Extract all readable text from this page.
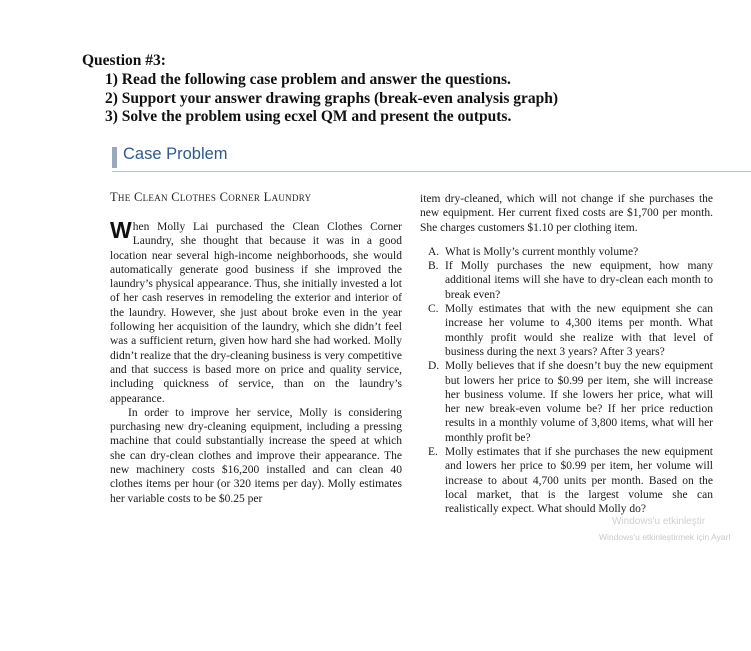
Question #3:
1) Read the following case problem and answer the questions.
2) Support your answer drawing graphs (break-even analysis graph)
3) Solve the problem using ecxel QM and present the outputs.
Case Problem
The Clean Clothes Corner Laundry

When Molly Lai purchased the Clean Clothes Corner Laundry, she thought that because it was in a good location near several high-income neighborhoods, she would automatically generate good business if she improved the laundry’s physical appearance. Thus, she initially invested a lot of her cash reserves in remodeling the exterior and interior of the laundry. However, she just about broke even in the year following her acquisition of the laundry, which she didn’t feel was a sufficient return, given how hard she had worked. Molly didn’t realize that the dry-cleaning business is very competitive and that success is based more on price and quality service, including quickness of service, than on the laundry’s appearance.

In order to improve her service, Molly is considering purchasing new dry-cleaning equipment, including a pressing machine that could substantially increase the speed at which she can dry-clean clothes and improve their appearance. The new machinery costs $16,200 installed and can clean 40 clothes items per hour (or 320 items per day). Molly estimates her variable costs to be $0.25 per

item dry-cleaned, which will not change if she purchases the new equipment. Her current fixed costs are $1,700 per month. She charges customers $1.10 per clothing item.

A. What is Molly’s current monthly volume?
B. If Molly purchases the new equipment, how many additional items will she have to dry-clean each month to break even?
C. Molly estimates that with the new equipment she can increase her volume to 4,300 items per month. What monthly profit would she realize with that level of business during the next 3 years? After 3 years?
D. Molly believes that if she doesn’t buy the new equipment but lowers her price to $0.99 per item, she will increase her business volume. If she lowers her price, what will her new break-even volume be? If her price reduction results in a monthly volume of 3,800 items, what will her monthly profit be?
E. Molly estimates that if she purchases the new equipment and lowers her price to $0.99 per item, her volume will increase to about 4,700 units per month. Based on the local market, that is the largest volume she can realistically expect. What should Molly do?
Windows'u etkinleştir
Windows'u etkinleştirmek için Ayarl
